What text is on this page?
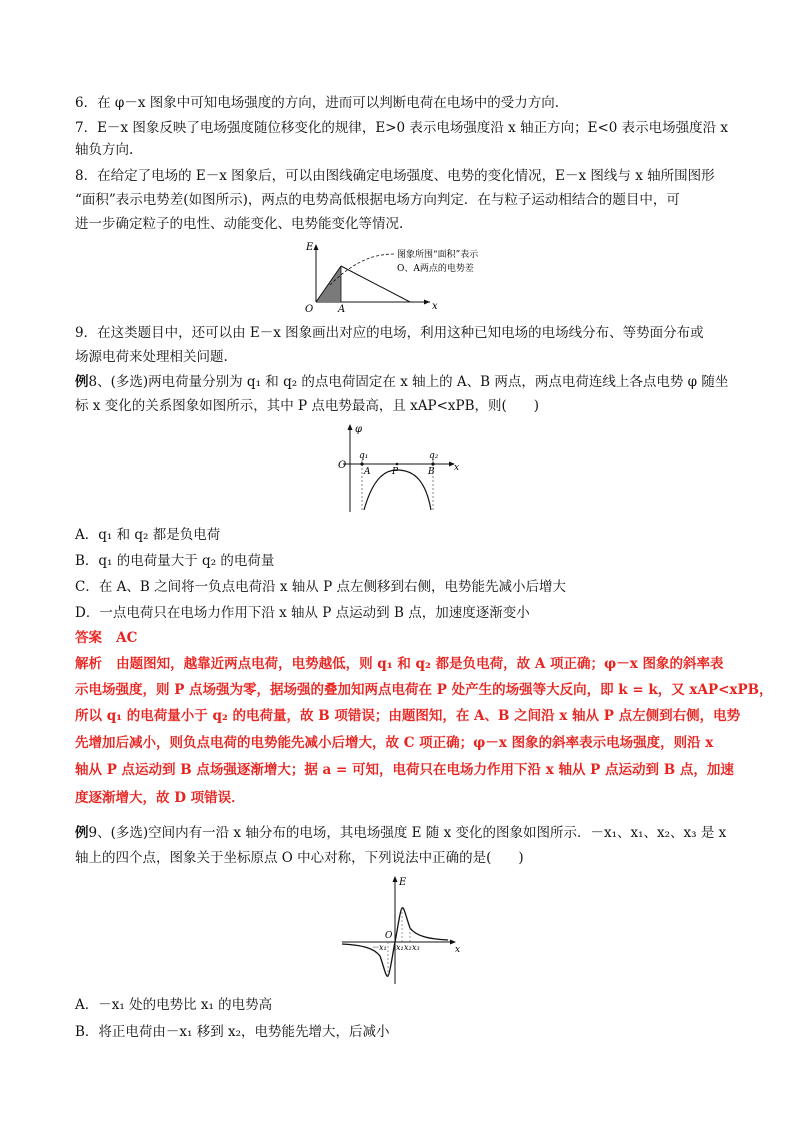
6．在 φ－x 图象中可知电场强度的方向，进而可以判断电荷在电场中的受力方向.
7．E－x 图象反映了电场强度随位移变化的规律，E>0 表示电场强度沿 x 轴正方向；E<0 表示电场强度沿 x
轴负方向.
8．在给定了电场的 E－x 图象后，可以由图线确定电场强度、电势的变化情况，E－x 图线与 x 轴所围图形
“面积”表示电势差(如图所示)，两点的电势高低根据电场方向判定．在与粒子运动相结合的题目中，可
进一步确定粒子的电性、动能变化、电势能变化等情况.
E
x
O A
图象所围“面积”表示
O、A两点的电势差
9．在这类题目中，还可以由 E－x 图象画出对应的电场，利用这种已知电场的电场线分布、等势面分布或
场源电荷来处理相关问题.
例8、(多选)两电荷量分别为 q₁ 和 q₂ 的点电荷固定在 x 轴上的 A、B 两点，两点电荷连线上各点电势 φ 随坐
标 x 变化的关系图象如图所示，其中 P 点电势最高，且 xAP<xPB，则(　　)
φ
x
O
q₁	q₂
A P	B
A．q₁ 和 q₂ 都是负电荷
B．q₁ 的电荷量大于 q₂ 的电荷量
C．在 A、B 之间将一负点电荷沿 x 轴从 P 点左侧移到右侧，电势能先减小后增大
D．一点电荷只在电场力作用下沿 x 轴从 P 点运动到 B 点，加速度逐渐变小
答案 AC
解析 由题图知，越靠近两点电荷，电势越低，则 q₁ 和 q₂ 都是负电荷，故 A 项正确；φ－x 图象的斜率表
示电场强度，则 P 点场强为零，据场强的叠加知两点电荷在 P 处产生的场强等大反向，即 k = k，又 xAP<xPB，
所以 q₁ 的电荷量小于 q₂ 的电荷量，故 B 项错误；由题图知，在 A、B 之间沿 x 轴从 P 点左侧到右侧，电势
先增加后减小，则负点电荷的电势能先减小后增大，故 C 项正确；φ－x 图象的斜率表示电场强度，则沿 x
轴从 P 点运动到 B 点场强逐渐增大；据 a = 可知，电荷只在电场力作用下沿 x 轴从 P 点运动到 B 点，加速
度逐渐增大，故 D 项错误．
例9、(多选)空间内有一沿 x 轴分布的电场，其电场强度 E 随 x 变化的图象如图所示．－x₁、x₁、x₂、x₃ 是 x
轴上的四个点，图象关于坐标原点 O 中心对称，下列说法中正确的是(　　)
E
x
O
－x₁ x₁ x₂ x₃
A．－x₁ 处的电势比 x₁ 的电势高
B．将正电荷由－x₁ 移到 x₂，电势能先增大，后减小
